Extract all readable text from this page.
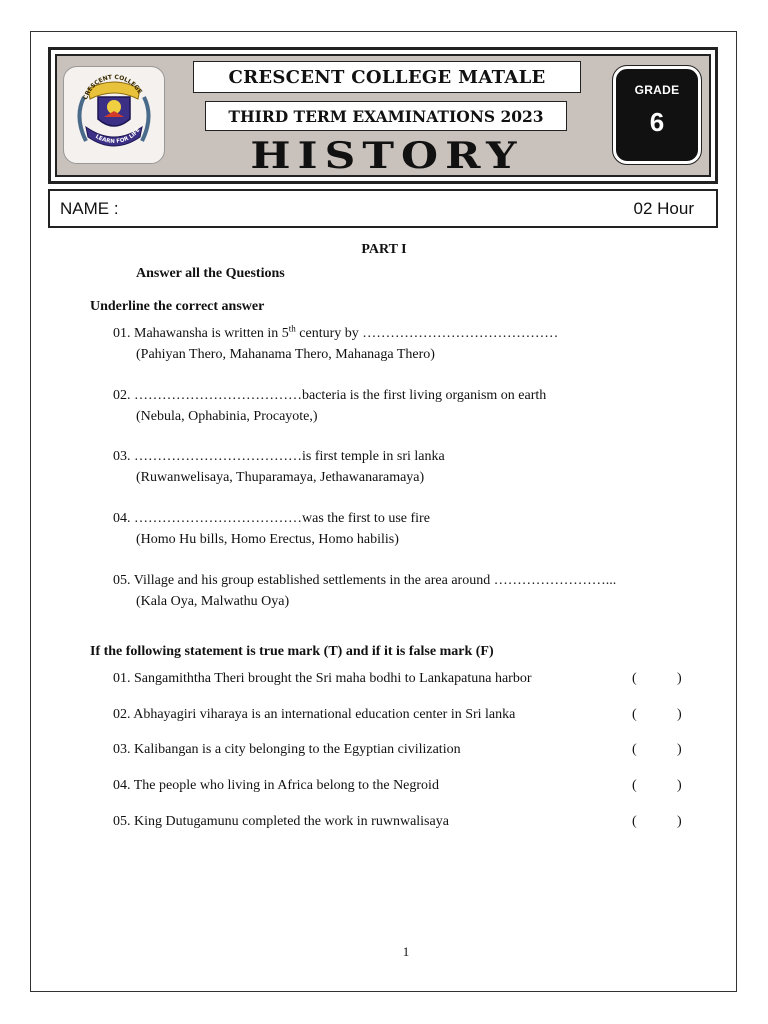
CRESCENT COLLEGE
LEARN FOR LIFE
CRESCENT COLLEGE MATALE
THIRD TERM EXAMINATIONS 2023
HISTORY
GRADE
6
NAME :	02 Hour
PART I
Answer all the Questions
Underline the correct answer
01. Mahawansha is written in 5th century by ……………………………………
(Pahiyan Thero, Mahanama Thero, Mahanaga Thero)
02. ………………………………bacteria is the first living organism on earth
(Nebula, Ophabinia, Procayote,)
03. ………………………………is first temple in sri lanka
(Ruwanwelisaya, Thuparamaya, Jethawanaramaya)
04. ………………………………was the first to use fire
(Homo Hu bills, Homo Erectus, Homo habilis)
05. Village and his group established settlements in the area around ……………………...
(Kala Oya, Malwathu Oya)
If the following statement is true mark (T) and if it is false mark (F)
01. Sangamiththa Theri brought the Sri maha bodhi to Lankapatuna harbor	(	)
02. Abhayagiri viharaya is an international education center in Sri lanka	(	)
03. Kalibangan is a city belonging to the Egyptian civilization	(	)
04. The people who living in Africa belong to the Negroid	(	)
05. King Dutugamunu completed the work in ruwnwalisaya	(	)
1
